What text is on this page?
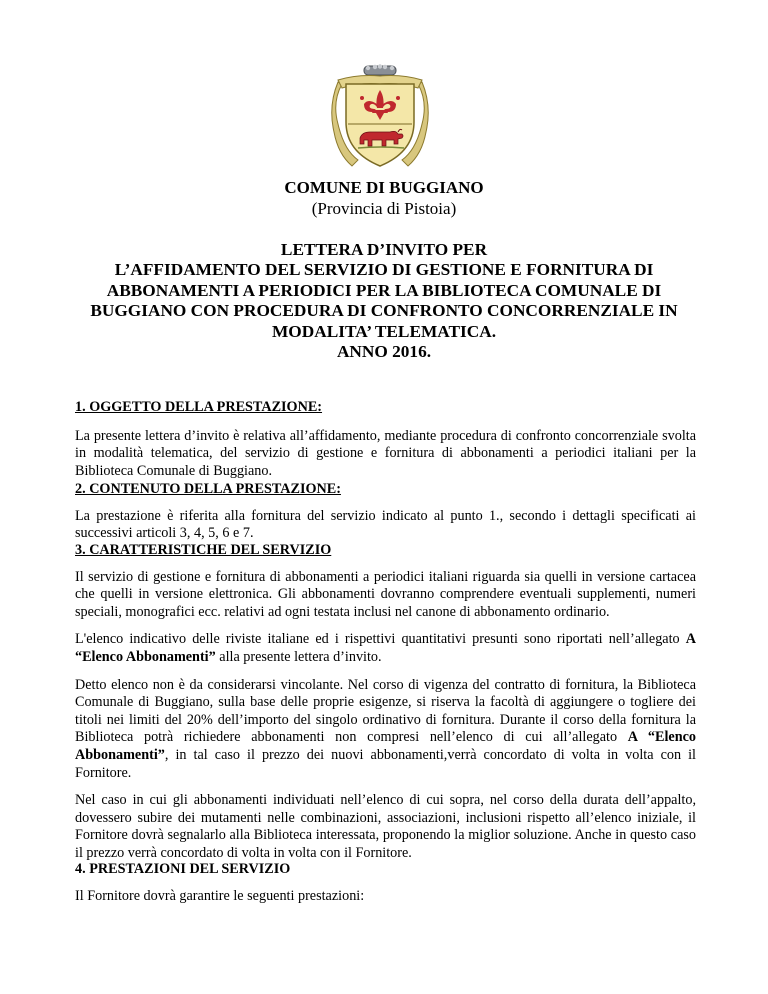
COMUNE DI BUGGIANO
(Provincia di Pistoia)
LETTERA D’INVITO PER
L’AFFIDAMENTO DEL SERVIZIO DI GESTIONE E FORNITURA DI
ABBONAMENTI A PERIODICI PER LA BIBLIOTECA COMUNALE DI
BUGGIANO CON PROCEDURA DI CONFRONTO CONCORRENZIALE IN
MODALITA’ TELEMATICA.
ANNO 2016.

1. OGGETTO DELLA PRESTAZIONE:

La presente lettera d’invito è relativa all’affidamento, mediante procedura di confronto concorrenziale svolta in modalità telematica, del servizio di gestione e fornitura di abbonamenti a periodici italiani per la Biblioteca Comunale di Buggiano.

2. CONTENUTO DELLA PRESTAZIONE:

La prestazione è riferita alla fornitura del servizio indicato al punto 1., secondo i dettagli specificati ai successivi articoli 3, 4, 5, 6 e 7.

3. CARATTERISTICHE DEL SERVIZIO

Il servizio di gestione e fornitura di abbonamenti a periodici italiani riguarda sia quelli in versione cartacea che quelli in versione elettronica. Gli abbonamenti dovranno comprendere eventuali supplementi, numeri speciali, monografici ecc. relativi ad ogni testata inclusi nel canone di abbonamento ordinario.

L'elenco indicativo delle riviste italiane ed i rispettivi quantitativi presunti sono riportati nell’allegato A “Elenco Abbonamenti” alla presente lettera d’invito.

Detto elenco non è da considerarsi vincolante. Nel corso di vigenza del contratto di fornitura, la Biblioteca Comunale di Buggiano, sulla base delle proprie esigenze, si riserva la facoltà di aggiungere o togliere dei titoli nei limiti del 20% dell’importo del singolo ordinativo di fornitura. Durante il corso della fornitura la Biblioteca potrà richiedere abbonamenti non compresi nell’elenco di cui all’allegato A “Elenco Abbonamenti”, in tal caso il prezzo dei nuovi abbonamenti,verrà concordato di volta in volta con il Fornitore.

Nel caso in cui gli abbonamenti individuati nell’elenco di cui sopra, nel corso della durata dell’appalto, dovessero subire dei mutamenti nelle combinazioni, associazioni, inclusioni rispetto all’elenco iniziale, il Fornitore dovrà segnalarlo alla Biblioteca interessata, proponendo la miglior soluzione. Anche in questo caso il prezzo verrà concordato di volta in volta con il Fornitore.

4. PRESTAZIONI DEL SERVIZIO

Il Fornitore dovrà garantire le seguenti prestazioni:
